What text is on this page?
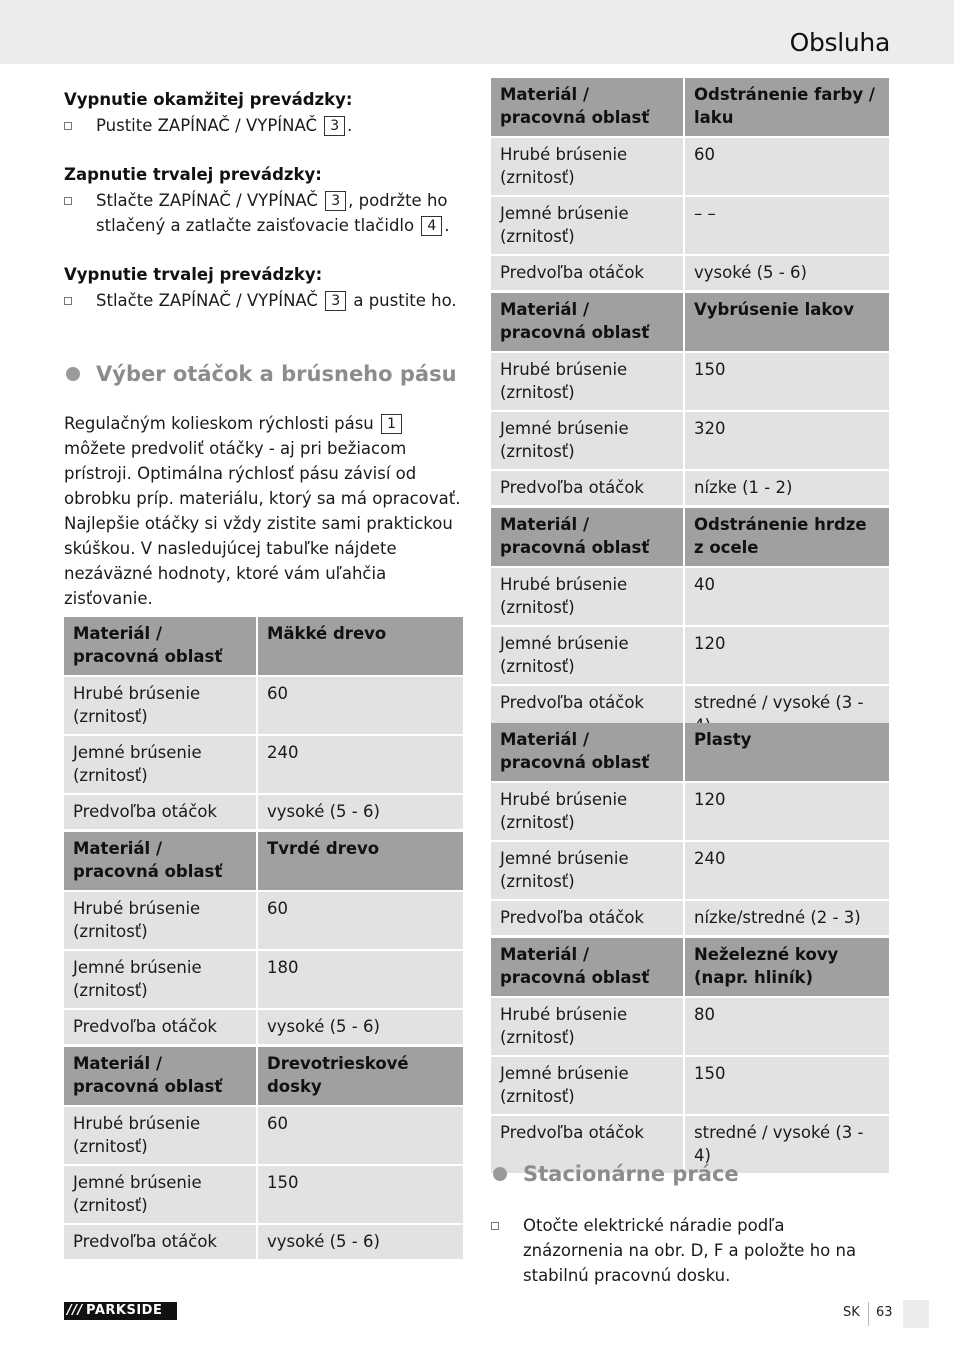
Obsluha
Vypnutie okamžitej prevádzky:
Pustite ZAPÍNAČ / VYPÍNAČ 3 .
Zapnutie trvalej prevádzky:
Stlačte ZAPÍNAČ / VYPÍNAČ 3 , podržte ho stlačený a zatlačte zaisťovacie tlačidlo 4 .
Vypnutie trvalej prevádzky:
Stlačte ZAPÍNAČ / VYPÍNAČ 3 a pustite ho.
Výber otáčok a brúsneho pásu
Regulačným kolieskom rýchlosti pásu 1 môžete predvoliť otáčky - aj pri bežiacom prístroji. Optimálna rýchlosť pásu závisí od obrobku príp. materiálu, ktorý sa má opracovať. Najlepšie otáčky si vždy zistite sami praktickou skúškou. V nasledujúcej tabuľke nájdete nezáväzné hodnoty, ktoré vám uľahčia zisťovanie.
Materiál / pracovná oblasť	Mäkké drevo
Hrubé brúsenie (zrnitosť)	60
Jemné brúsenie (zrnitosť)	240
Predvoľba otáčok	vysoké (5 - 6)
Materiál / pracovná oblasť	Tvrdé drevo
Hrubé brúsenie (zrnitosť)	60
Jemné brúsenie (zrnitosť)	180
Predvoľba otáčok	vysoké (5 - 6)
Materiál / pracovná oblasť	Drevotrieskové dosky
Hrubé brúsenie (zrnitosť)	60
Jemné brúsenie (zrnitosť)	150
Predvoľba otáčok	vysoké (5 - 6)
Materiál / pracovná oblasť	Odstránenie farby / laku
Hrubé brúsenie (zrnitosť)	60
Jemné brúsenie (zrnitosť)	– –
Predvoľba otáčok	vysoké (5 - 6)
Materiál / pracovná oblasť	Vybrúsenie lakov
Hrubé brúsenie (zrnitosť)	150
Jemné brúsenie (zrnitosť)	320
Predvoľba otáčok	nízke (1 - 2)
Materiál / pracovná oblasť	Odstránenie hrdze z ocele
Hrubé brúsenie (zrnitosť)	40
Jemné brúsenie (zrnitosť)	120
Predvoľba otáčok	stredné / vysoké (3 -
Materiál / pracovná oblasť	Plasty
Hrubé brúsenie (zrnitosť)	120
Jemné brúsenie (zrnitosť)	240
Predvoľba otáčok	nízke/stredné (2 - 3)
Materiál / pracovná oblasť	Neželezné kovy (napr. hliník)
Hrubé brúsenie (zrnitosť)	80
Jemné brúsenie (zrnitosť)	150
Predvoľba otáčok	stredné / vysoké (3 - 4)
Stacionárne práce
Otočte elektrické náradie podľa znázornenia na obr. D, F a položte ho na stabilnú pracovnú dosku.
/// PARKSIDE	SK 63
